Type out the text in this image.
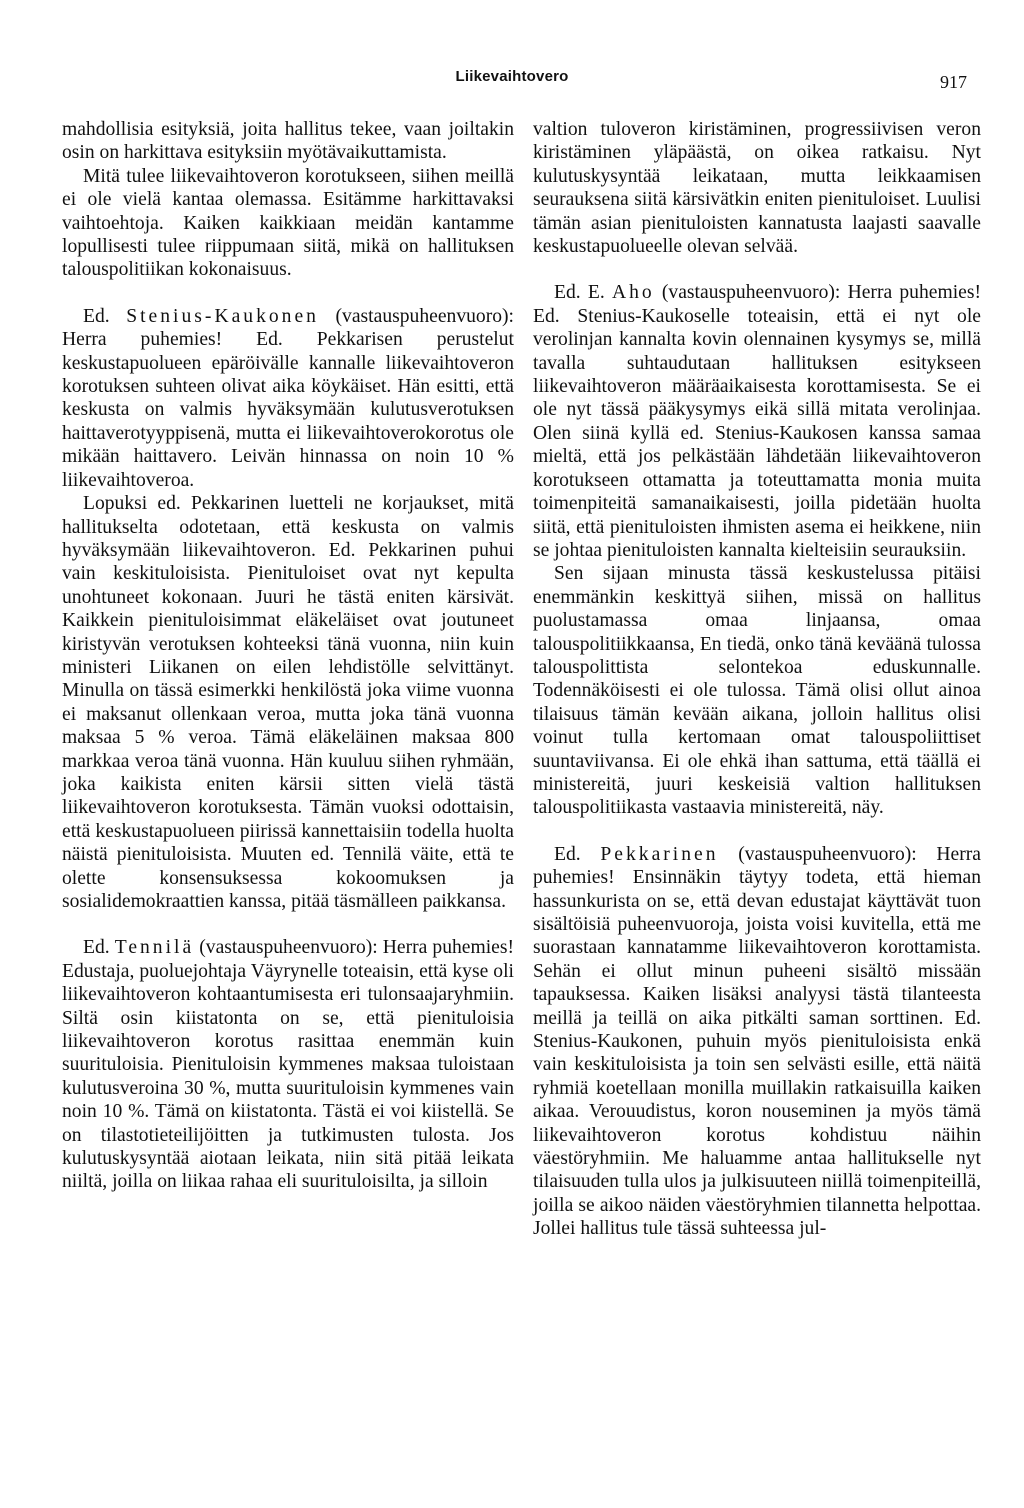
Liikevaihtovero	917

mahdollisia esityksiä, joita hallitus tekee, vaan joiltakin osin on harkittava esityksiin myötävaikuttamista.

Mitä tulee liikevaihtoveron korotukseen, siihen meillä ei ole vielä kantaa olemassa. Esitämme harkittavaksi vaihtoehtoja. Kaiken kaikkiaan meidän kantamme lopullisesti tulee riippumaan siitä, mikä on hallituksen talouspolitiikan kokonaisuus.

Ed. Stenius-Kaukonen (vastauspuheenvuoro): Herra puhemies! Ed. Pekkarisen perustelut keskustapuolueen epäröivälle kannalle liikevaihtoveron korotuksen suhteen olivat aika köykäiset. Hän esitti, että keskusta on valmis hyväksymään kulutusverotuksen haittaverotyyppisenä, mutta ei liikevaihtoverokorotus ole mikään haittavero. Leivän hinnassa on noin 10 % liikevaihtoveroa.

Lopuksi ed. Pekkarinen luetteli ne korjaukset, mitä hallitukselta odotetaan, että keskusta on valmis hyväksymään liikevaihtoveron. Ed. Pekkarinen puhui vain keskituloisista. Pienituloiset ovat nyt kepulta unohtuneet kokonaan. Juuri he tästä eniten kärsivät. Kaikkein pienituloisimmat eläkeläiset ovat joutuneet kiristyvän verotuksen kohteeksi tänä vuonna, niin kuin ministeri Liikanen on eilen lehdistölle selvittänyt. Minulla on tässä esimerkki henkilöstä joka viime vuonna ei maksanut ollenkaan veroa, mutta joka tänä vuonna maksaa 5 % veroa. Tämä eläkeläinen maksaa 800 markkaa veroa tänä vuonna. Hän kuuluu siihen ryhmään, joka kaikista eniten kärsii sitten vielä tästä liikevaihtoveron korotuksesta. Tämän vuoksi odottaisin, että keskustapuolueen piirissä kannettaisiin todella huolta näistä pienituloisista. Muuten ed. Tennilä väite, että te olette konsensuksessa kokoomuksen ja sosialidemokraattien kanssa, pitää täsmälleen paikkansa.

Ed. Tennilä (vastauspuheenvuoro): Herra puhemies! Edustaja, puoluejohtaja Väyrynelle toteaisin, että kyse oli liikevaihtoveron kohtaantumisesta eri tulonsaajaryhmiin. Siltä osin kiistatonta on se, että pienituloisia liikevaihtoveron korotus rasittaa enemmän kuin suurituloisia. Pienituloisin kymmenes maksaa tuloistaan kulutusveroina 30 %, mutta suurituloisin kymmenes vain noin 10 %. Tämä on kiistatonta. Tästä ei voi kiistellä. Se on tilastotieteilijöitten ja tutkimusten tulosta. Jos kulutuskysyntää aiotaan leikata, niin sitä pitää leikata niiltä, joilla on liikaa rahaa eli suurituloisilta, ja silloin

valtion tuloveron kiristäminen, progressiivisen veron kiristäminen yläpäästä, on oikea ratkaisu. Nyt kulutuskysyntää leikataan, mutta leikkaamisen seurauksena siitä kärsivätkin eniten pienituloiset. Luulisi tämän asian pienituloisten kannatusta laajasti saavalle keskustapuolueelle olevan selvää.

Ed. E. Aho (vastauspuheenvuoro): Herra puhemies! Ed. Stenius-Kaukoselle toteaisin, että ei nyt ole verolinjan kannalta kovin olennainen kysymys se, millä tavalla suhtaudutaan hallituksen esitykseen liikevaihtoveron määräaikaisesta korottamisesta. Se ei ole nyt tässä pääkysymys eikä sillä mitata verolinjaa. Olen siinä kyllä ed. Stenius-Kaukosen kanssa samaa mieltä, että jos pelkästään lähdetään liikevaihtoveron korotukseen ottamatta ja toteuttamatta monia muita toimenpiteitä samanaikaisesti, joilla pidetään huolta siitä, että pienituloisten ihmisten asema ei heikkene, niin se johtaa pienituloisten kannalta kielteisiin seurauksiin.

Sen sijaan minusta tässä keskustelussa pitäisi enemmänkin keskittyä siihen, missä on hallitus puolustamassa omaa linjaansa, omaa talouspolitiikkaansa, En tiedä, onko tänä keväänä tulossa talouspolittista selontekoa eduskunnalle. Todennäköisesti ei ole tulossa. Tämä olisi ollut ainoa tilaisuus tämän kevään aikana, jolloin hallitus olisi voinut tulla kertomaan omat talouspoliittiset suuntaviivansa. Ei ole ehkä ihan sattuma, että täällä ei ministereitä, juuri keskeisiä valtion hallituksen talouspolitiikasta vastaavia ministereitä, näy.

Ed. Pekkarinen (vastauspuheenvuoro): Herra puhemies! Ensinnäkin täytyy todeta, että hieman hassunkurista on se, että devan edustajat käyttävät tuon sisältöisiä puheenvuoroja, joista voisi kuvitella, että me suorastaan kannatamme liikevaihtoveron korottamista. Sehän ei ollut minun puheeni sisältö missään tapauksessa. Kaiken lisäksi analyysi tästä tilanteesta meillä ja teillä on aika pitkälti saman sorttinen. Ed. Stenius-Kaukonen, puhuin myös pienituloisista enkä vain keskituloisista ja toin sen selvästi esille, että näitä ryhmiä koetellaan monilla muillakin ratkaisuilla kaiken aikaa. Verouudistus, koron nouseminen ja myös tämä liikevaihtoveron korotus kohdistuu näihin väestöryhmiin. Me haluamme antaa hallitukselle nyt tilaisuuden tulla ulos ja julkisuuteen niillä toimenpiteillä, joilla se aikoo näiden väestöryhmien tilannetta helpottaa. Jollei hallitus tule tässä suhteessa jul-
